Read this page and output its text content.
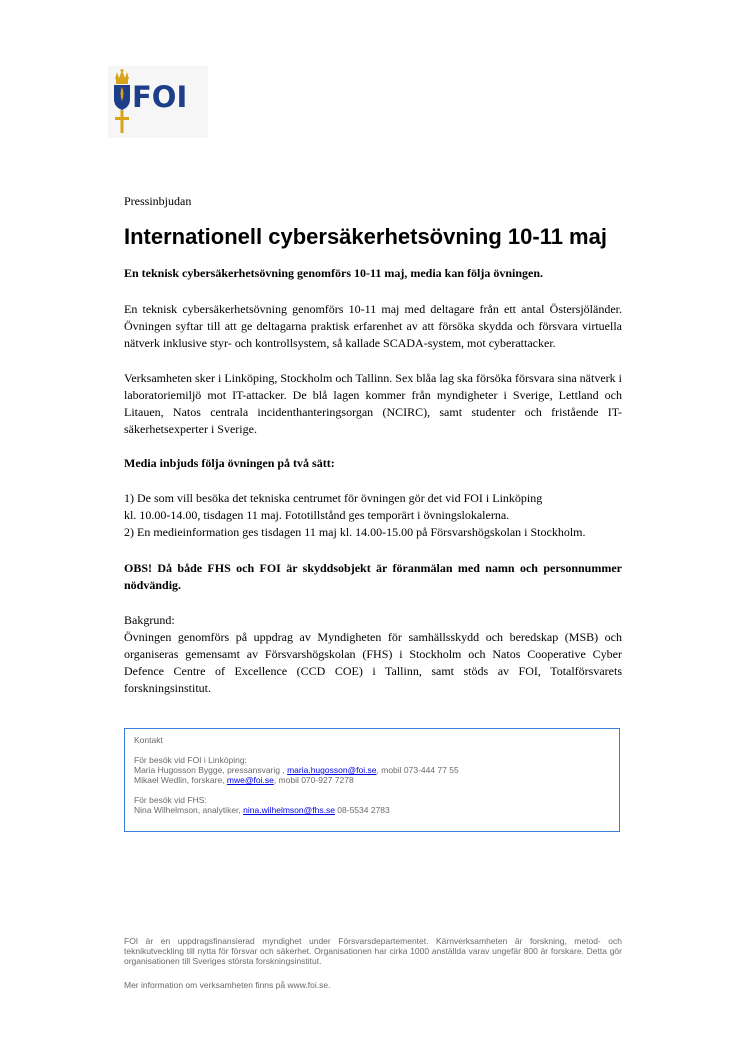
FOI
Pressinbjudan
Internationell cybersäkerhetsövning 10-11 maj
En teknisk cybersäkerhetsövning genomförs 10-11 maj, media kan följa övningen.
En teknisk cybersäkerhetsövning genomförs 10-11 maj med deltagare från ett antal Östersjöländer. Övningen syftar till att ge deltagarna praktisk erfarenhet av att försöka skydda och försvara virtuella nätverk inklusive styr- och kontrollsystem, så kallade SCADA-system, mot cyberattacker.
Verksamheten sker i Linköping, Stockholm och Tallinn. Sex blåa lag ska försöka försvara sina nätverk i laboratoriemiljö mot IT-attacker. De blå lagen kommer från myndigheter i Sverige, Lettland och Litauen, Natos centrala incidenthanteringsorgan (NCIRC), samt studenter och fristående IT-säkerhetsexperter i Sverige.
Media inbjuds följa övningen på två sätt:
1) De som vill besöka det tekniska centrumet för övningen gör det vid FOI i Linköping
kl. 10.00-14.00, tisdagen 11 maj. Fototillstånd ges temporärt i övningslokalerna.
2) En medieinformation ges tisdagen 11 maj kl. 14.00-15.00 på Försvarshögskolan i Stockholm.
OBS! Då både FHS och FOI är skyddsobjekt är föranmälan med namn och personnummer nödvändig.
Bakgrund:
Övningen genomförs på uppdrag av Myndigheten för samhällsskydd och beredskap (MSB) och organiseras gemensamt av Försvarshögskolan (FHS) i Stockholm och Natos Cooperative Cyber Defence Centre of Excellence (CCD COE) i Tallinn, samt stöds av FOI, Totalförsvarets forskningsinstitut.
Kontakt
För besök vid FOI i Linköping:
Maria Hugosson Bygge, pressansvarig , maria.hugosson@foi.se, mobil 073-444 77 55
Mikael Wedlin, forskare, mwe@foi.se, mobil 070-927 7278
För besök vid FHS:
Nina Wilhelmson, analytiker, nina.wilhelmson@fhs.se 08-5534 2783
FOI är en uppdragsfinansierad myndighet under Försvarsdepartementet. Kärnverksamheten är forskning, metod- och teknikutveckling till nytta för försvar och säkerhet. Organisationen har cirka 1000 anställda varav ungefär 800 är forskare. Detta gör organisationen till Sveriges största forskningsinstitut.
Mer information om verksamheten finns på www.foi.se.
